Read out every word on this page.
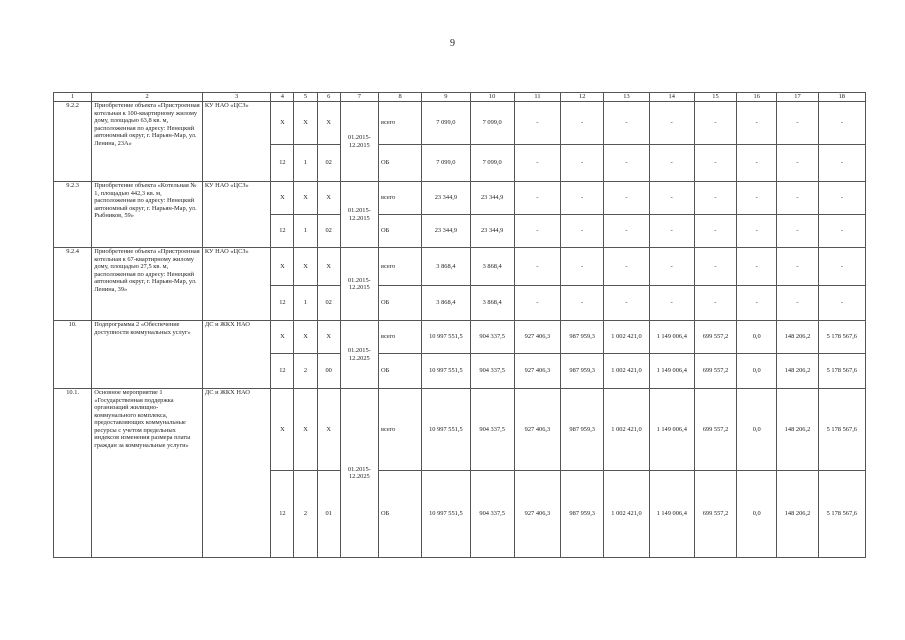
9
1	2	3	4	5	6	7	8	9	10	11	12	13	14	15	16	17	18
9.2.2	Приобретение объекта «Пристроенная котельная к 100-квартирному жилому дому, площадью 63,8 кв. м, расположенная по адресу: Ненецкий автономный округ, г. Нарьян-Мар, ул. Ленина, 23А»	КУ НАО «ЦСЗ»	X	X	X	01.2015-12.2015	всего	7 099,0	7 099,0	-	-	-	-	-	-	-	-
			12	1	02		ОБ	7 099,0	7 099,0	-	-	-	-	-	-	-	-
9.2.3	Приобретение объекта «Котельная № 1, площадью 442,3 кв. м, расположенная по адресу: Ненецкий автономный округ, г. Нарьян-Мар, ул. Рыбников, 59»	КУ НАО «ЦСЗ»	X	X	X	01.2015-12.2015	всего	23 344,9	23 344,9	-	-	-	-	-	-	-	-
			12	1	02		ОБ	23 344,9	23 344,9	-	-	-	-	-	-	-	-
9.2.4	Приобретение объекта «Пристроенная котельная к 67-квартирному жилому дому, площадью 27,5 кв. м, расположенная по адресу: Ненецкий автономный округ, г. Нарьян-Мар, ул. Ленина, 39»	КУ НАО «ЦСЗ»	X	X	X	01.2015-12.2015	всего	3 868,4	3 868,4	-	-	-	-	-	-	-	-
			12	1	02		ОБ	3 868,4	3 868,4	-	-	-	-	-	-	-	-
10.	Подпрограмма 2 «Обеспечение доступности коммунальных услуг»	ДС и ЖКХ НАО	X	X	X	01.2015-12.2025	всего	10 997 551,5	904 337,5	927 406,3	987 959,3	1 002 421,0	1 149 006,4	699 557,2	0,0	148 206,2	5 178 567,6
			12	2	00		ОБ	10 997 551,5	904 337,5	927 406,3	987 959,3	1 002 421,0	1 149 006,4	699 557,2	0,0	148 206,2	5 178 567,6
10.1.	Основное мероприятие 1 «Государственная поддержка организаций жилищно-коммунального комплекса, предоставляющих коммунальные ресурсы с учетом предельных индексов изменения размера платы граждан за коммунальные услуги»	ДС и ЖКХ НАО	X	X	X	01.2015-12.2025	всего	10 997 551,5	904 337,5	927 406,3	987 959,3	1 002 421,0	1 149 006,4	699 557,2	0,0	148 206,2	5 178 567,6
			12	2	01		ОБ	10 997 551,5	904 337,5	927 406,3	987 959,3	1 002 421,0	1 149 006,4	699 557,2	0,0	148 206,2	5 178 567,6
